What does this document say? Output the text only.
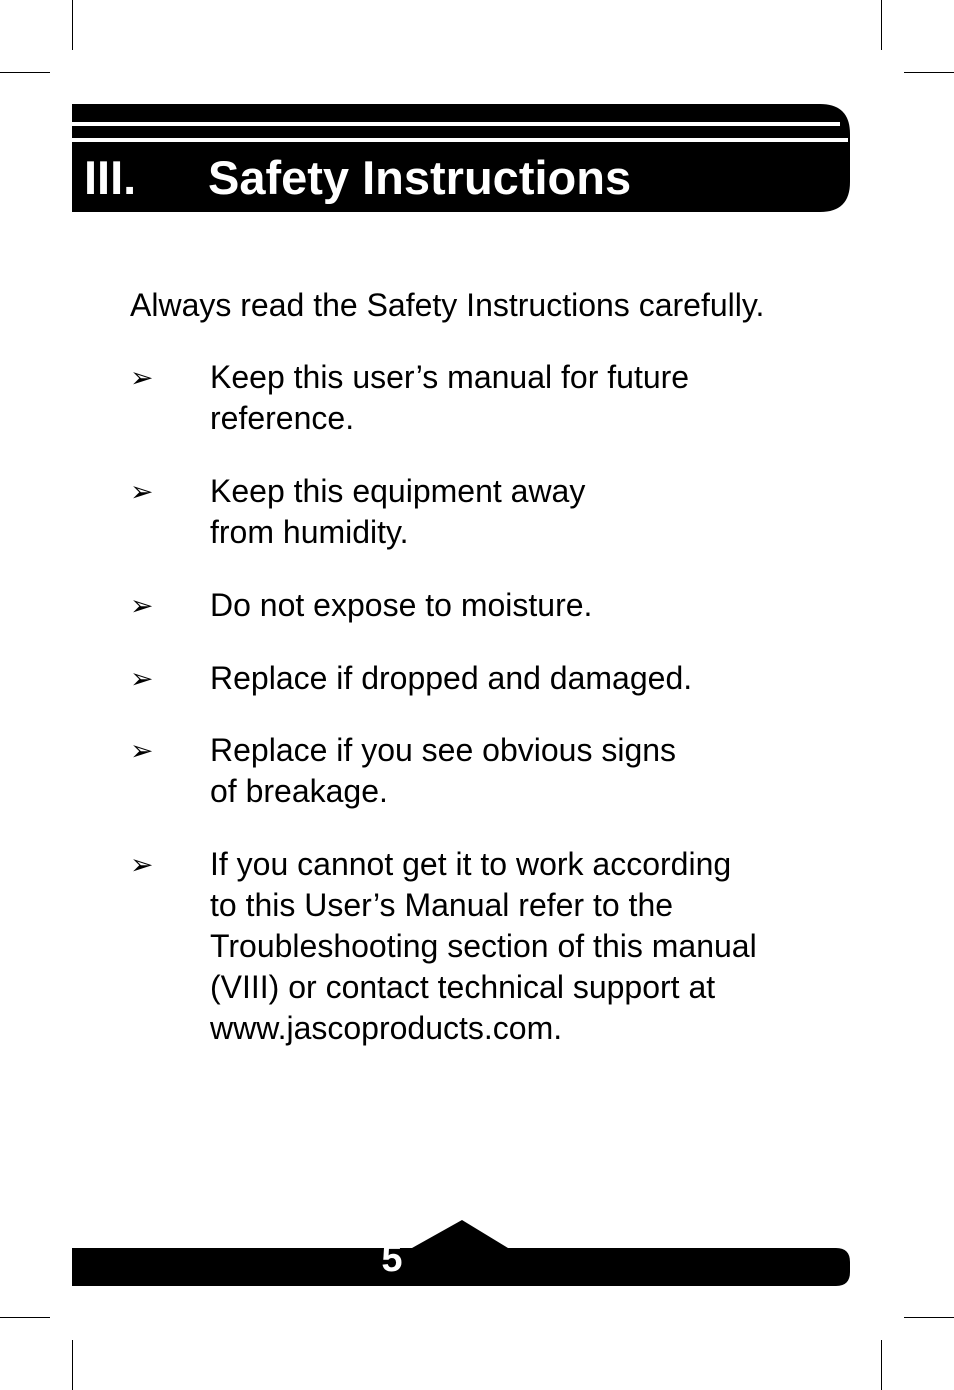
III. Safety Instructions
Always read the Safety Instructions carefully.
➢ Keep this user’s manual for future
reference.
➢ Keep this equipment away
from humidity.
➢ Do not expose to moisture.
➢ Replace if dropped and damaged.
➢ Replace if you see obvious signs
of breakage.
➢ If you cannot get it to work according
to this User’s Manual refer to the
Troubleshooting section of this manual
(VIII) or contact technical support at
www.jascoproducts.com.
5
